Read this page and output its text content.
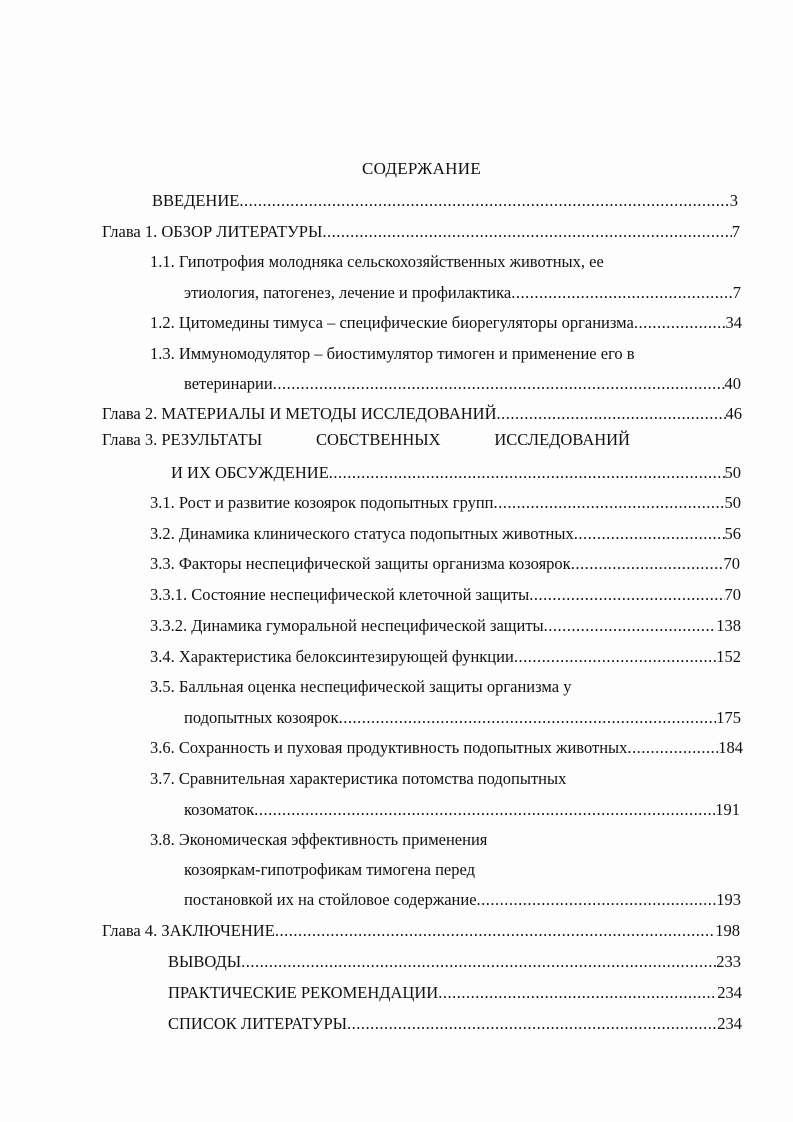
СОДЕРЖАНИЕ
ВВЕДЕНИЕ .....	3
Глава 1. ОБЗОР ЛИТЕРАТУРЫ .....	7
1.1. Гипотрофия молодняка сельскохозяйственных животных, ее
этиология, патогенез, лечение и профилактика .....	7
1.2. Цитомедины тимуса – специфические биорегуляторы организма .....	34
1.3. Иммуномодулятор – биостимулятор тимоген и применение его в
ветеринарии .....	40
Глава 2. МАТЕРИАЛЫ И МЕТОДЫ ИССЛЕДОВАНИЙ .....	46
Глава 3. РЕЗУЛЬТАТЫ	СОБСТВЕННЫХ	ИССЛЕДОВАНИЙ
И ИХ ОБСУЖДЕНИЕ .....	50
3.1. Рост и развитие козоярок подопытных групп .....	50
3.2. Динамика клинического статуса подопытных животных .....	56
3.3. Факторы неспецифической защиты организма козоярок .....	70
3.3.1. Состояние неспецифической клеточной защиты .....	70
3.3.2. Динамика гуморальной неспецифической защиты .....	138
3.4. Характеристика белоксинтезирующей функции .....	152
3.5. Балльная оценка неспецифической защиты организма у
подопытных козоярок .....	175
3.6. Сохранность и пуховая продуктивность подопытных животных .....	184
3.7. Сравнительная характеристика потомства подопытных
козоматок .....	191
3.8. Экономическая эффективность применения
козояркам-гипотрофикам тимогена перед
постановкой их на стойловое содержание .....	193
Глава 4. ЗАКЛЮЧЕНИЕ .....	198
ВЫВОДЫ .....	233
ПРАКТИЧЕСКИЕ РЕКОМЕНДАЦИИ .....	234
СПИСОК ЛИТЕРАТУРЫ .....	234
